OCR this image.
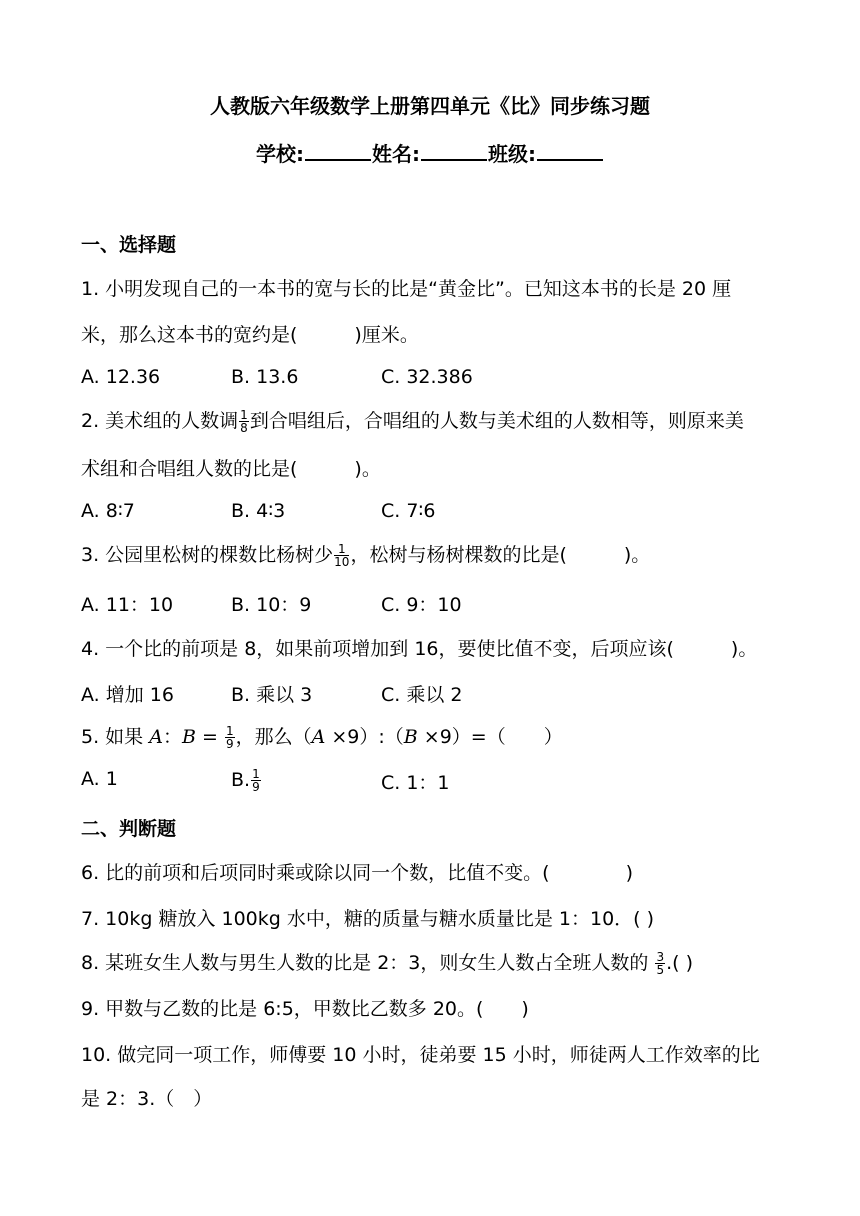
人教版六年级数学上册第四单元《比》同步练习题
学校:	姓名:	班级:
一、选择题
1. 小明发现自己的一本书的宽与长的比是“黄金比”。已知这本书的长是 20 厘
米，那么这本书的宽约是(　　　)厘米。
A. 12.36	B. 13.6	C. 32.386
2. 美术组的人数调 $\frac{1}{8}$ 到合唱组后，合唱组的人数与美术组的人数相等，则原来美
术组和合唱组人数的比是(　　　)。
A. 8∶7	B. 4∶3	C. 7∶6
3. 公园里松树的棵数比杨树少 $\frac{1}{10}$ ，松树与杨树棵数的比是(　　　)。
A. 11：10	B. 10：9	C. 9：10
4. 一个比的前项是 8，如果前项增加到 16，要使比值不变，后项应该(　　　)。
A. 增加 16	B. 乘以 3	C. 乘以 2
5. 如果 A：$B = \frac{1}{9}$ ，那么（A ×9）:（B ×9）=（　　）
A. 1	B. $\frac{1}{9}$	C. 1：1
二、判断题
6. 比的前项和后项同时乘或除以同一个数，比值不变。(　　　　)
7. 10kg 糖放入 100kg 水中，糖的质量与糖水质量比是 1：10．( )
8. 某班女生人数与男生人数的比是 2：3，则女生人数占全班人数的 $\frac{3}{5}$ .( )
9. 甲数与乙数的比是 6:5，甲数比乙数多 20。(　　)
10. 做完同一项工作，师傅要 10 小时，徒弟要 15 小时，师徒两人工作效率的比
是 2：3.（　）
